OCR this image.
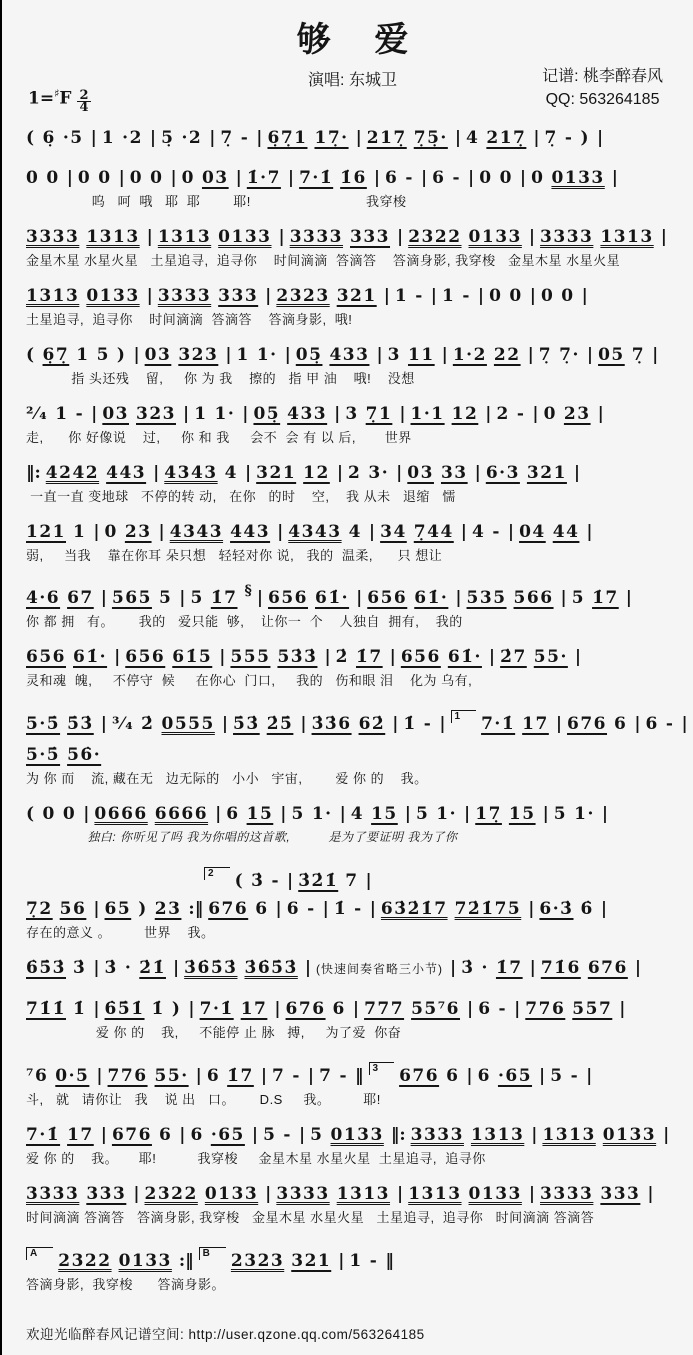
够 爱
演唱: 东城卫	记谱: 桃李醉春风
QQ: 563264185
$1=^♯F \frac{2}{4}$
( 6̣ ·5 | 1 ·2 | 5̣ ·2 | 7̣ - | 6̣7̣1 17̣· | 217̣ 7̣5̣· | 4 217̣ | 7̣ - ) |
0 0 | 0 0 | 0 0 | 0 03 | 1̇·7 | 7·1̇ 1̇6 | 6 - | 6 - | 0 0 | 0 0133 |
呜   呵  哦   耶  耶        耶!                            我穿梭
3333 1313 | 1313 0133 | 3333 333 | 2322 0133 | 3333 1313 |
金星木星 水星火星   土星追寻,  追寻你    时间滴滴  答滴答    答滴身影, 我穿梭   金星木星 水星火星
1313 0133 | 3333 333 | 2323 321 | 1 - | 1 - | 0 0 | 0 0 |
土星追寻,  追寻你    时间滴滴  答滴答    答滴身影,  哦!
( 6̣7̣ 1 5 ) | 03 323 | 1 1· | 05̣ 433 | 3 11 | 1·2 22 | 7̣ 7̣· | 05 7̣ |
指 头还残    留,     你 为 我    擦的   指 甲 油    哦!    没想
²⁄₄ 1 - | 03 323 | 1 1· | 05̣ 433 | 3 7̣1 | 1·1 12 | 2 - | 0 23 |
走,      你 好像说    过,     你 和 我     会不  会 有 以 后,       世界
‖: 4242 443 | 4343 4 | 321 12 | 2 3· | 03 33 | 6·3 321 |
一直一直 变地球   不停的转 动,   在你   的时    空,    我 从未   退缩   懦
121 1 | 0 23 | 4343 443 | 4343 4 | 34 7̣44 | 4 - | 04 44 |
弱,     当我    靠在你耳 朵只想   轻轻对你 说,   我的  温柔,      只 想让
4·6 67 | 565 5 | 5 1̇7 § | 656 61̇· | 656 61̇· | 535 566 | 5 1̇7 |
你 都 拥   有。      我的   爱只能  够,    让你一  个    人独自  拥有,    我的
656 61̇· | 656 61̇5 | 555 53̇3̇ | 2̇ 1̇7 | 656 61̇· | 2̇7 55· |
灵和魂  魄,     不停守  候     在你心  门口,     我的   伤和眼 泪    化为 乌有,
5·5̇ 5̇3̇ | ³⁄₄ 2̇ 0555 | 5̇3̇ 2̇5̇ | 3̇3̇6 62̇ | 1̇ - | $^1$ 7·1̇ 17 | 676 6 | 6 - |
5·5̇ 56̇·
为 你 而    流, 藏在无   边无际的   小小   宇宙,        爱 你 的    我。
( 0 0 | 0666 6666 | 6 15 | 5 1· | 4 15 | 5 1· | 17̣ 15 | 5 1· |
独白: 你听见了吗 我为你唱的这首歌,          是为了要证明 我为了你
$^2$ ( 3̇ - | 3̇2̇1̇ 7 |
7̣2 56 | 65 ) 23 :‖ 676 6 | 6 - | 1̇ - | 63̇2̇1̇7 72̇1̇75 | 6·3̇ 6̇ |
存在的意义 。        世界    我。
6̇5̇3̇ 3̇ | 3̇ · 2̇1̇ | 3̇6̇5̇3̇ 3̇6̇5̇3̇ | (快速间奏省略三小节) | 3̇ · 1̇7 | 71̇6 676 |
71̇1̇ 1̇ | 6̇5̇1̇ 1̇ ) | 7·1̇ 17 | 676 6 | 777 55⁷6 | 6 - | 776 557 |
爱 你 的    我,     不能停 止 脉   搏,     为了爱  你奋
⁷6 0·5 | 776 55· | 6 1̇7 | 7 - | 7 - ‖ $^3$ 676 6 | 6 ·65 | 5 - |
斗,   就   请你让   我    说 出   口。      D.S     我。        耶!
7·1̇ 17 | 676 6 | 6 ·65 | 5 - | 5 0133 ‖: 3333 1313 | 1313 0133 |
爱 你 的    我。     耶!          我穿梭     金星木星 水星火星  土星追寻,  追寻你
3333 333 | 2322 0133 | 3333 1313 | 1313 0133 | 3333 333 |
时间滴滴 答滴答   答滴身影, 我穿梭   金星木星 水星火星   土星追寻,  追寻你   时间滴滴 答滴答
$^A$ 2322 0133 :‖ $^B$ 2323 321 | 1 - ‖
答滴身影,  我穿梭      答滴身影。
欢迎光临醉春风记谱空间: http://user.qzone.qq.com/563264185
